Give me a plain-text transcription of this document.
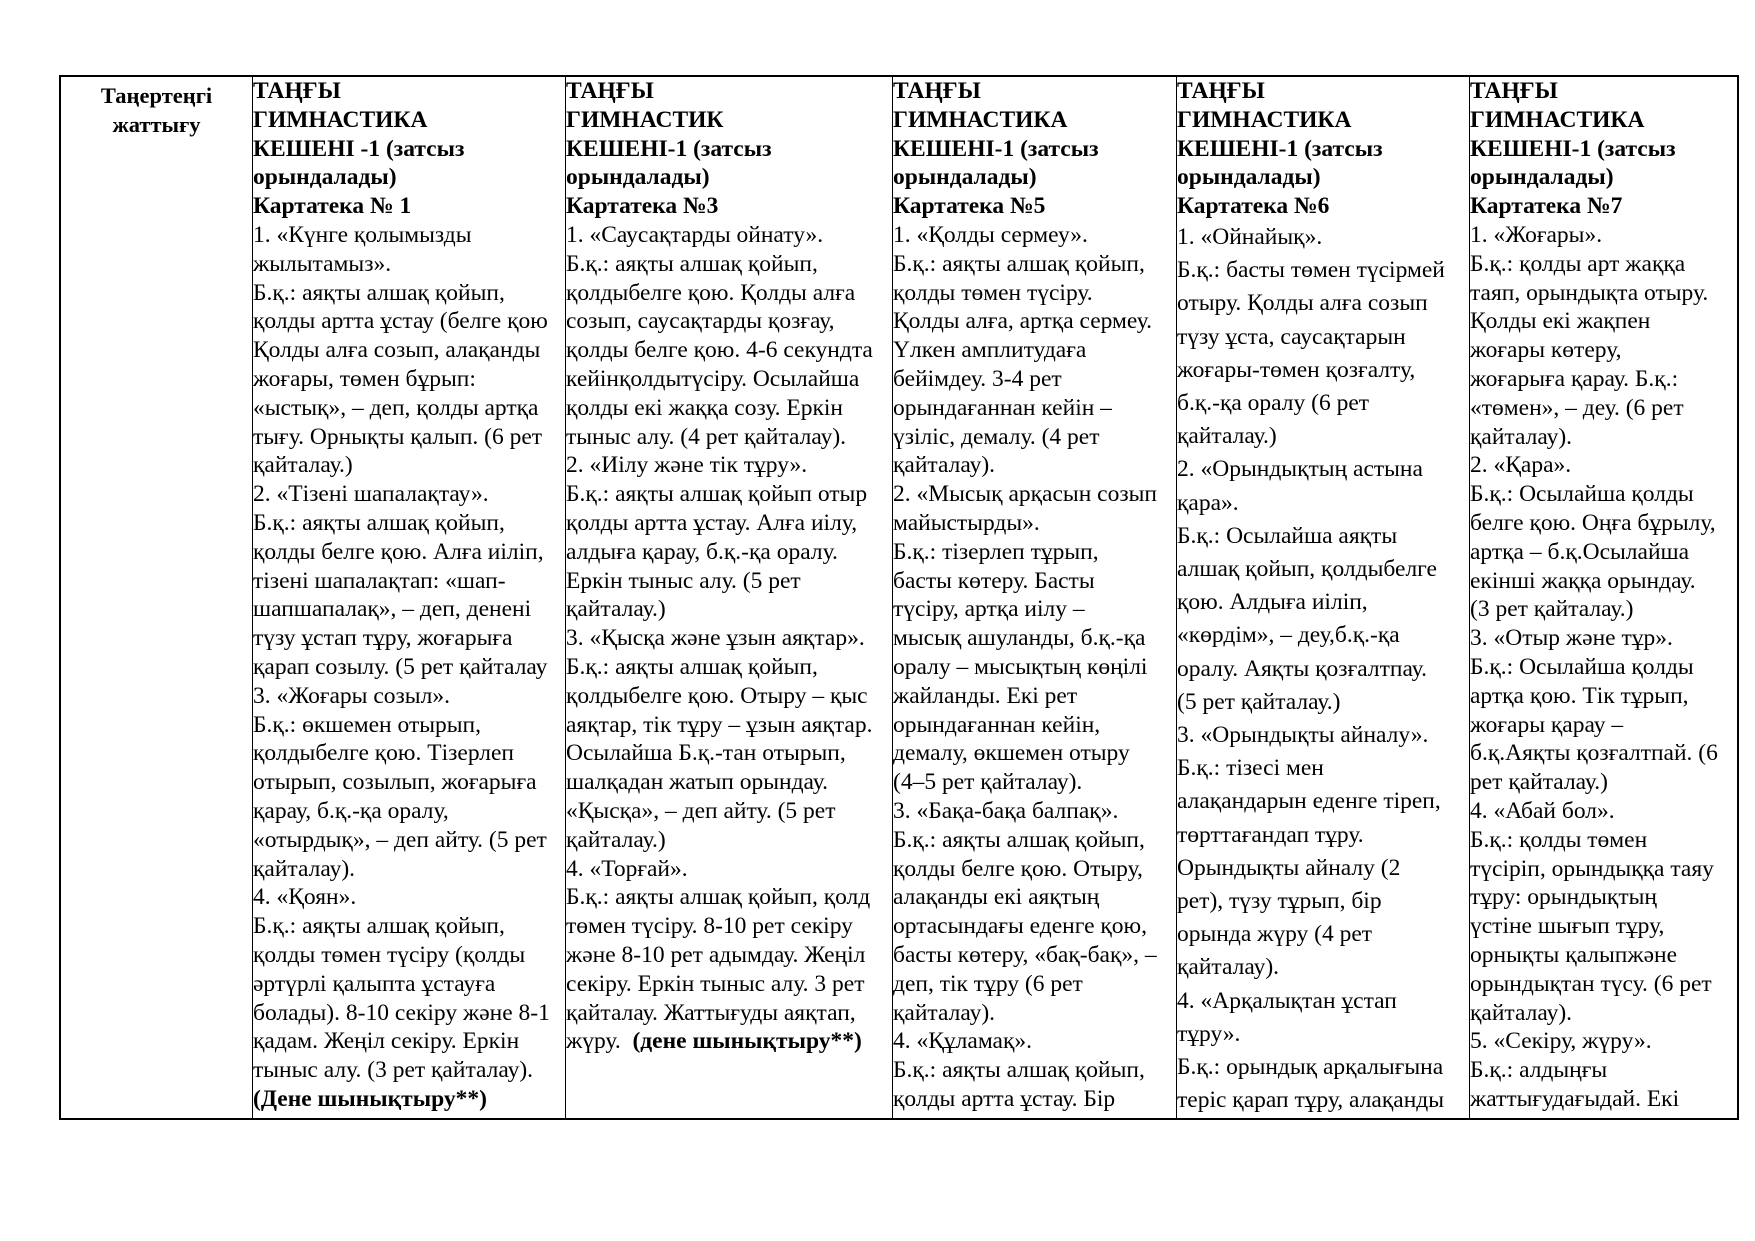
Таңертеңгі
жаттығу
ТАҢҒЫ
ГИМНАСТИКА
КЕШЕНІ -1 (затсыз
орындалады)
Картатека № 1
1. «Күнге қолымызды
жылытамыз».
Б.қ.: аяқты алшақ қойып,
қолды артта ұстау (белге қою
Қолды алға созып, алақанды
жоғары, төмен бұрып:
«ыстық», – деп, қолды артқа
тығу. Орнықты қалып. (6 рет
қайталау.)
2. «Тізені шапалақтау».
Б.қ.: аяқты алшақ қойып,
қолды белге қою. Алға иіліп,
тізені шапалақтап: «шап-
шапшапалақ», – деп, денені
түзу ұстап тұру, жоғарыға
қарап созылу. (5 рет қайталау
3. «Жоғары созыл».
Б.қ.: өкшемен отырып,
қолдыбелге қою. Тізерлеп
отырып, созылып, жоғарыға
қарау, б.қ.-қа оралу,
«отырдық», – деп айту. (5 рет
қайталау).
4. «Қоян».
Б.қ.: аяқты алшақ қойып,
қолды төмен түсіру (қолды
әртүрлі қалыпта ұстауға
болады). 8-10 секіру және 8-1
қадам. Жеңіл секіру. Еркін
тыныс алу. (3 рет қайталау).
(Дене шынықтыру**)
ТАҢҒЫ
ГИМНАСТИК
КЕШЕНІ-1 (затсыз
орындалады)
Картатека №3
1. «Саусақтарды ойнату».
Б.қ.: аяқты алшақ қойып,
қолдыбелге қою. Қолды алға
созып, саусақтарды қозғау,
қолды белге қою. 4-6 секундта
кейінқолдытүсіру. Осылайша
қолды екі жаққа созу. Еркін
тыныс алу. (4 рет қайталау).
2. «Иілу және тік тұру».
Б.қ.: аяқты алшақ қойып отыр
қолды артта ұстау. Алға иілу,
алдыға қарау, б.қ.-қа оралу.
Еркін тыныс алу. (5 рет
қайталау.)
3. «Қысқа және ұзын аяқтар».
Б.қ.: аяқты алшақ қойып,
қолдыбелге қою. Отыру – қыс
аяқтар, тік тұру – ұзын аяқтар.
Осылайша Б.қ.-тан отырып,
шалқадан жатып орындау.
«Қысқа», – деп айту. (5 рет
қайталау.)
4. «Торғай».
Б.қ.: аяқты алшақ қойып, қолд
төмен түсіру. 8-10 рет секіру
және 8-10 рет адымдау. Жеңіл
секіру. Еркін тыныс алу. 3 рет
қайталау. Жаттығуды аяқтап,
жүру.  (дене шынықтыру**)
ТАҢҒЫ
ГИМНАСТИКА
КЕШЕНІ-1 (затсыз
орындалады)
Картатека №5
1. «Қолды сермеу».
Б.қ.: аяқты алшақ қойып,
қолды төмен түсіру.
Қолды алға, артқа сермеу.
Үлкен амплитудаға
бейімдеу. 3-4 рет
орындағаннан кейін –
үзіліс, демалу. (4 рет
қайталау).
2. «Мысық арқасын созып
майыстырды».
Б.қ.: тізерлеп тұрып,
басты көтеру. Басты
түсіру, артқа иілу –
мысық ашуланды, б.қ.-қа
оралу – мысықтың көңілі
жайланды. Екі рет
орындағаннан кейін,
демалу, өкшемен отыру
(4–5 рет қайталау).
3. «Бақа-бақа балпақ».
Б.қ.: аяқты алшақ қойып,
қолды белге қою. Отыру,
алақанды екі аяқтың
ортасындағы еденге қою,
басты көтеру, «бақ-бақ», –
деп, тік тұру (6 рет
қайталау).
4. «Құламақ».
Б.қ.: аяқты алшақ қойып,
қолды артта ұстау. Бір
ТАҢҒЫ
ГИМНАСТИКА
КЕШЕНІ-1 (затсыз
орындалады)
Картатека №6
1. «Ойнайық».
Б.қ.: басты төмен түсірмей
отыру. Қолды алға созып
түзу ұста, саусақтарын
жоғары-төмен қозғалту,
б.қ.-қа оралу (6 рет
қайталау.)
2. «Орындықтың астына
қара».
Б.қ.: Осылайша аяқты
алшақ қойып, қолдыбелге
қою. Алдыға иіліп,
«көрдім», – деу,б.қ.-қа
оралу. Аяқты қозғалтпау.
(5 рет қайталау.)
3. «Орындықты айналу».
Б.қ.: тізесі мен
алақандарын еденге тіреп,
төрттағандап тұру.
Орындықты айналу (2
рет), түзу тұрып, бір
орында жүру (4 рет
қайталау).
4. «Арқалықтан ұстап
тұру».
Б.қ.: орындық арқалығына
теріс қарап тұру, алақанды
ТАҢҒЫ
ГИМНАСТИКА
КЕШЕНІ-1 (затсыз
орындалады)
Картатека №7
1. «Жоғары».
Б.қ.: қолды арт жаққа
таяп, орындықта отыру.
Қолды екі жақпен
жоғары көтеру,
жоғарыға қарау. Б.қ.:
«төмен», – деу. (6 рет
қайталау).
2. «Қара».
Б.қ.: Осылайша қолды
белге қою. Оңға бұрылу,
артқа – б.қ.Осылайша
екінші жаққа орындау.
(3 рет қайталау.)
3. «Отыр және тұр».
Б.қ.: Осылайша қолды
артқа қою. Тік тұрып,
жоғары қарау –
б.қ.Аяқты қозғалтпай. (6
рет қайталау.)
4. «Абай бол».
Б.қ.: қолды төмен
түсіріп, орындыққа таяу
тұру: орындықтың
үстіне шығып тұру,
орнықты қалыпжәне
орындықтан түсу. (6 рет
қайталау).
5. «Секіру, жүру».
Б.қ.: алдыңғы
жаттығудағыдай. Екі
